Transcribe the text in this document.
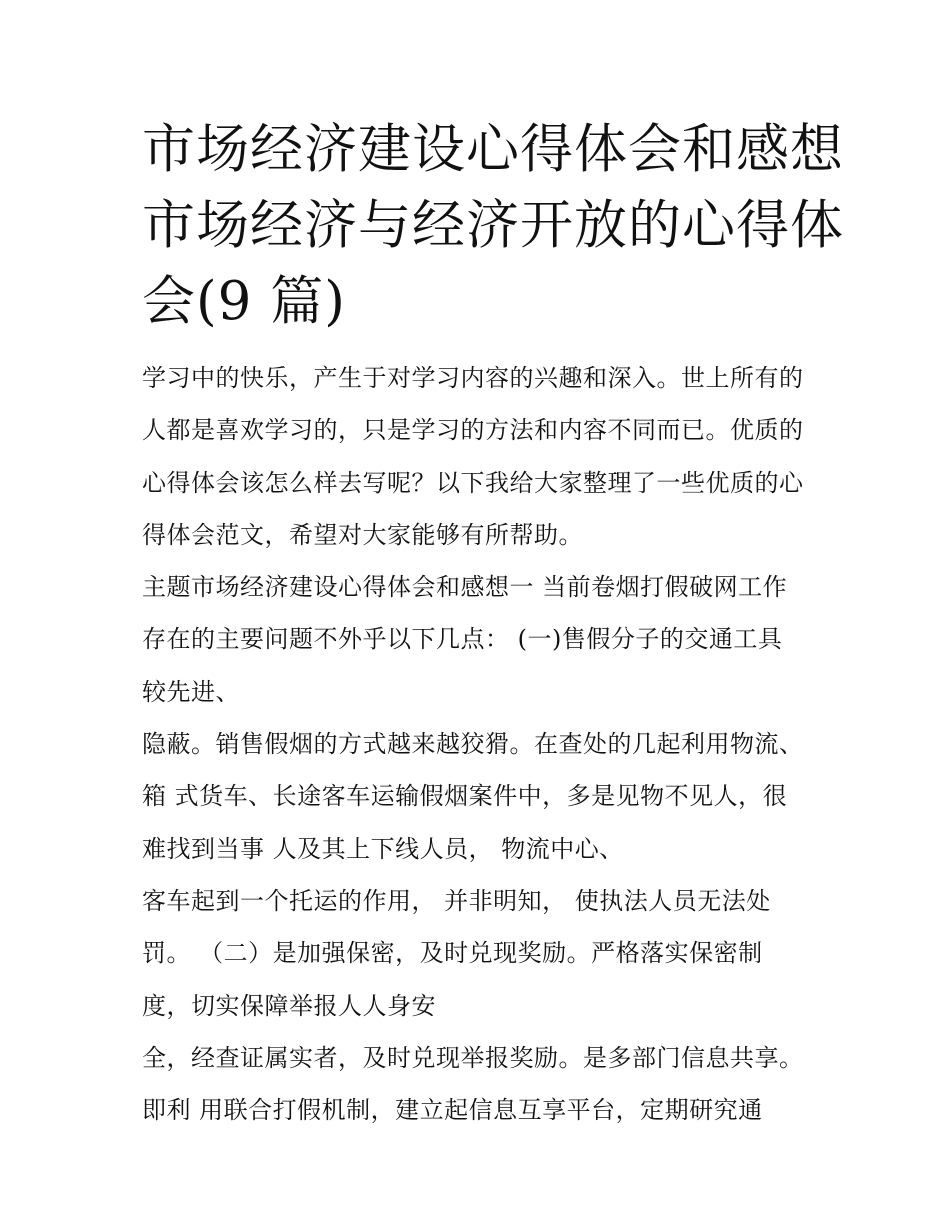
市场经济建设心得体会和感想
市场经济与经济开放的心得体
会(9 篇)
学习中的快乐，产生于对学习内容的兴趣和深入。世上所有的
人都是喜欢学习的，只是学习的方法和内容不同而已。优质的
心得体会该怎么样去写呢？以下我给大家整理了一些优质的心
得体会范文，希望对大家能够有所帮助。
主题市场经济建设心得体会和感想一 当前卷烟打假破网工作
存在的主要问题不外乎以下几点： (一)售假分子的交通工具
较先进、
隐蔽。销售假烟的方式越来越狡猾。在查处的几起利用物流、
箱 式货车、长途客车运输假烟案件中，多是见物不见人，很
难找到当事 人及其上下线人员， 物流中心、
客车起到一个托运的作用， 并非明知， 使执法人员无法处
罚。 （二）是加强保密，及时兑现奖励。严格落实保密制
度，切实保障举报人人身安
全，经查证属实者，及时兑现举报奖励。是多部门信息共享。
即利 用联合打假机制，建立起信息互享平台，定期研究通
